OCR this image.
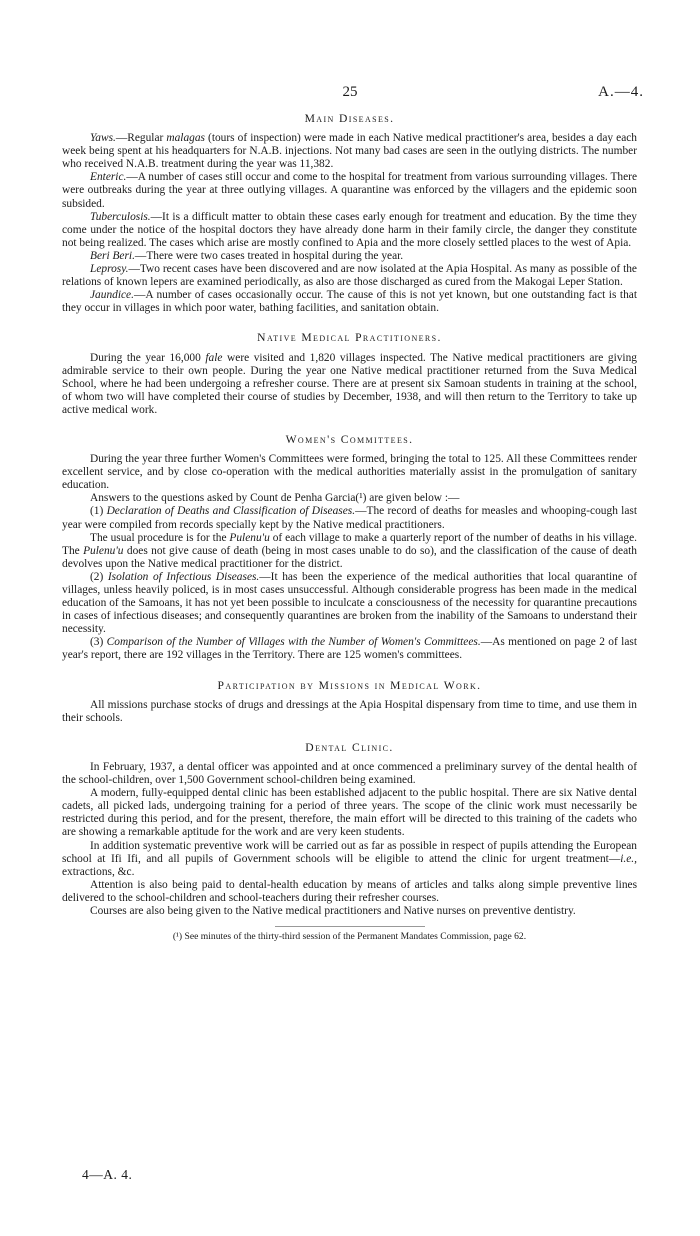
25	A.—4.
Main Diseases.

Yaws.—Regular malagas (tours of inspection) were made in each Native medical practitioner's area, besides a day each week being spent at his headquarters for N.A.B. injections. Not many bad cases are seen in the outlying districts. The number who received N.A.B. treatment during the year was 11,382.

Enteric.—A number of cases still occur and come to the hospital for treatment from various surrounding villages. There were outbreaks during the year at three outlying villages. A quarantine was enforced by the villagers and the epidemic soon subsided.

Tuberculosis.—It is a difficult matter to obtain these cases early enough for treatment and education. By the time they come under the notice of the hospital doctors they have already done harm in their family circle, the danger they constitute not being realized. The cases which arise are mostly confined to Apia and the more closely settled places to the west of Apia.

Beri Beri.—There were two cases treated in hospital during the year.

Leprosy.—Two recent cases have been discovered and are now isolated at the Apia Hospital. As many as possible of the relations of known lepers are examined periodically, as also are those discharged as cured from the Makogai Leper Station.

Jaundice.—A number of cases occasionally occur. The cause of this is not yet known, but one outstanding fact is that they occur in villages in which poor water, bathing facilities, and sanitation obtain.

Native Medical Practitioners.

During the year 16,000 fale were visited and 1,820 villages inspected. The Native medical practitioners are giving admirable service to their own people. During the year one Native medical practitioner returned from the Suva Medical School, where he had been undergoing a refresher course. There are at present six Samoan students in training at the school, of whom two will have completed their course of studies by December, 1938, and will then return to the Territory to take up active medical work.

Women's Committees.

During the year three further Women's Committees were formed, bringing the total to 125. All these Committees render excellent service, and by close co-operation with the medical authorities materially assist in the promulgation of sanitary education.

Answers to the questions asked by Count de Penha Garcia(¹) are given below :—

(1) Declaration of Deaths and Classification of Diseases.—The record of deaths for measles and whooping-cough last year were compiled from records specially kept by the Native medical practitioners.

The usual procedure is for the Pulenu'u of each village to make a quarterly report of the number of deaths in his village. The Pulenu'u does not give cause of death (being in most cases unable to do so), and the classification of the cause of death devolves upon the Native medical practitioner for the district.

(2) Isolation of Infectious Diseases.—It has been the experience of the medical authorities that local quarantine of villages, unless heavily policed, is in most cases unsuccessful. Although considerable progress has been made in the medical education of the Samoans, it has not yet been possible to inculcate a consciousness of the necessity for quarantine precautions in cases of infectious diseases; and consequently quarantines are broken from the inability of the Samoans to understand their necessity.

(3) Comparison of the Number of Villages with the Number of Women's Committees.—As mentioned on page 2 of last year's report, there are 192 villages in the Territory. There are 125 women's committees.

Participation by Missions in Medical Work.

All missions purchase stocks of drugs and dressings at the Apia Hospital dispensary from time to time, and use them in their schools.

Dental Clinic.

In February, 1937, a dental officer was appointed and at once commenced a preliminary survey of the dental health of the school-children, over 1,500 Government school-children being examined.

A modern, fully-equipped dental clinic has been established adjacent to the public hospital. There are six Native dental cadets, all picked lads, undergoing training for a period of three years. The scope of the clinic work must necessarily be restricted during this period, and for the present, therefore, the main effort will be directed to this training of the cadets who are showing a remarkable aptitude for the work and are very keen students.

In addition systematic preventive work will be carried out as far as possible in respect of pupils attending the European school at Ifi Ifi, and all pupils of Government schools will be eligible to attend the clinic for urgent treatment—i.e., extractions, &c.

Attention is also being paid to dental-health education by means of articles and talks along simple preventive lines delivered to the school-children and school-teachers during their refresher courses.

Courses are also being given to the Native medical practitioners and Native nurses on preventive dentistry.

(¹) See minutes of the thirty-third session of the Permanent Mandates Commission, page 62.
4—A. 4.
